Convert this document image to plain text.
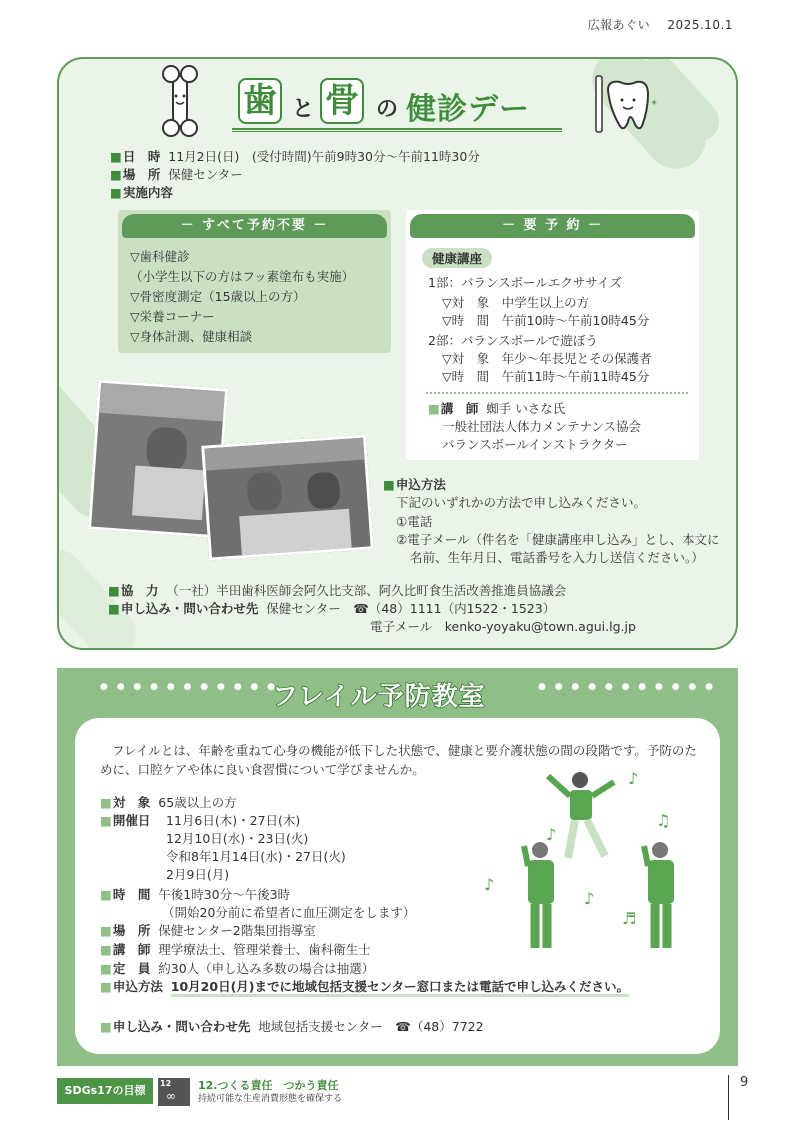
広報あぐい 2025.10.1
✦
歯 と 骨 の 健診デー
■ 日　時 11月2日(日)　(受付時間)午前9時30分～午前11時30分
■ 場　所 保健センター
■ 実施内容
－ すべて予約不要 －
▽歯科健診
（小学生以下の方はフッ素塗布も実施）
▽骨密度測定（15歳以上の方）
▽栄養コーナー
▽身体計測、健康相談
－ 要 予 約 －
健康講座
1部：バランスボールエクササイズ
▽対　象　中学生以上の方
▽時　間　午前10時～午前10時45分
2部：バランスボールで遊ぼう
▽対　象　年少～年長児とその保護者
▽時　間　午前11時～午前11時45分
■ 講　師 蜘手 いさな氏
一般社団法人体力メンテナンス協会
バランスボールインストラクター
■ 申込方法
下記のいずれかの方法で申し込みください。
①電話
②電子メール（件名を「健康講座申し込み」とし、本文に
名前、生年月日、電話番号を入力し送信ください。）
■ 協　力 （一社）半田歯科医師会阿久比支部、阿久比町食生活改善推進員協議会
■ 申し込み・問い合わせ先 保健センター　☎（48）1111（内1522・1523）
電子メール　kenko-yoyaku@town.agui.lg.jp
● ● ● ● ● ● ● ● ● ● ●
フレイル予防教室	● ● ● ● ● ● ● ● ● ● ●
フレイルとは、年齢を重ねて心身の機能が低下した状態で、健康と要介護状態の間の段階です。予防のた
めに、口腔ケアや体に良い食習慣について学びませんか。
■ 対　象 65歳以上の方
■ 開催日 11月6日(木)・27日(木)
12月10日(水)・23日(火)
令和8年1月14日(水)・27日(火)
2月9日(月)
■ 時　間 午後1時30分～午後3時
（開始20分前に希望者に血圧測定をします）
■ 場　所 保健センター2階集団指導室
■ 講　師 理学療法士、管理栄養士、歯科衛生士
■ 定　員 約30人（申し込み多数の場合は抽選）
■ 申込方法 10月20日(月)までに地域包括支援センター窓口または電話で申し込みください。
■ 申し込み・問い合わせ先 地域包括支援センター　☎（48）7722
♪
♫
♪
♪
♪
♬
SDGs17の目標
12
∞
12.つくる責任　つかう責任
持続可能な生産消費形態を確保する
9
